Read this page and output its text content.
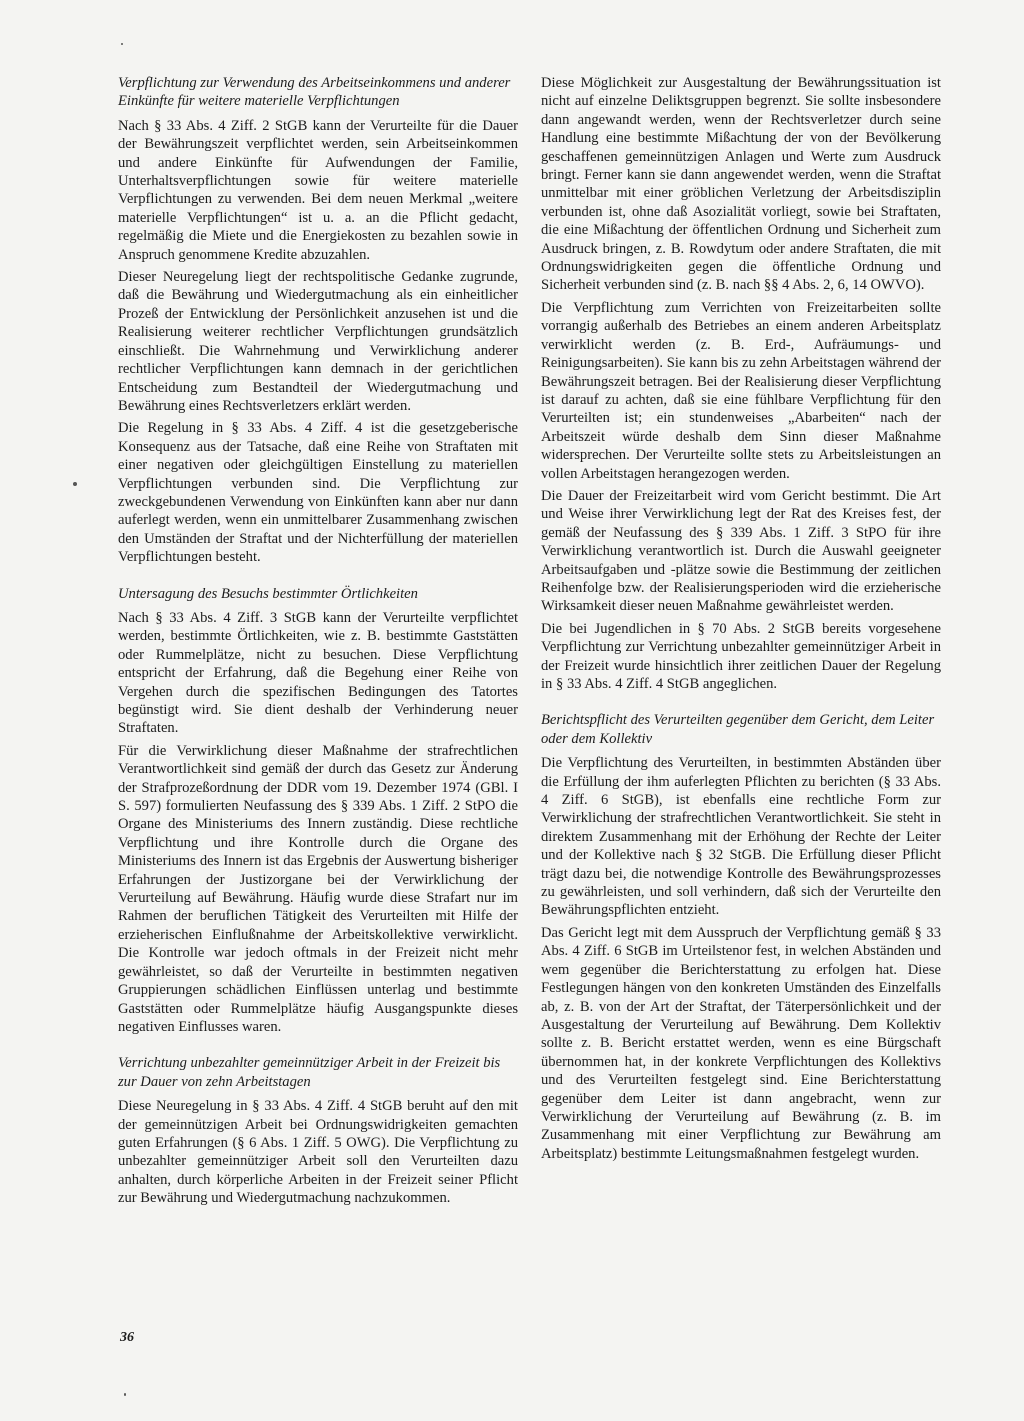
Verpflichtung zur Verwendung des Arbeitseinkommens und anderer Einkünfte für weitere materielle Verpflichtungen

Nach § 33 Abs. 4 Ziff. 2 StGB kann der Verurteilte für die Dauer der Bewährungszeit verpflichtet werden, sein Arbeitseinkommen und andere Einkünfte für Aufwendungen der Familie, Unterhaltsverpflichtungen sowie für weitere materielle Verpflichtungen zu verwenden. Bei dem neuen Merkmal „weitere materielle Verpflichtungen“ ist u. a. an die Pflicht gedacht, regelmäßig die Miete und die Energiekosten zu bezahlen sowie in Anspruch genommene Kredite abzuzahlen.

Dieser Neuregelung liegt der rechtspolitische Gedanke zugrunde, daß die Bewährung und Wiedergutmachung als ein einheitlicher Prozeß der Entwicklung der Persönlichkeit anzusehen ist und die Realisierung weiterer rechtlicher Verpflichtungen grundsätzlich einschließt. Die Wahrnehmung und Verwirklichung anderer rechtlicher Verpflichtungen kann demnach in der gerichtlichen Entscheidung zum Bestandteil der Wiedergutmachung und Bewährung eines Rechtsverletzers erklärt werden.

Die Regelung in § 33 Abs. 4 Ziff. 4 ist die gesetzgeberische Konsequenz aus der Tatsache, daß eine Reihe von Straftaten mit einer negativen oder gleichgültigen Einstellung zu materiellen Verpflichtungen verbunden sind. Die Verpflichtung zur zweckgebundenen Verwendung von Einkünften kann aber nur dann auferlegt werden, wenn ein unmittelbarer Zusammenhang zwischen den Umständen der Straftat und der Nichterfüllung der materiellen Verpflichtungen besteht.

Untersagung des Besuchs bestimmter Örtlichkeiten

Nach § 33 Abs. 4 Ziff. 3 StGB kann der Verurteilte verpflichtet werden, bestimmte Örtlichkeiten, wie z. B. bestimmte Gaststätten oder Rummelplätze, nicht zu besuchen. Diese Verpflichtung entspricht der Erfahrung, daß die Begehung einer Reihe von Vergehen durch die spezifischen Bedingungen des Tatortes begünstigt wird. Sie dient deshalb der Verhinderung neuer Straftaten.

Für die Verwirklichung dieser Maßnahme der strafrechtlichen Verantwortlichkeit sind gemäß der durch das Gesetz zur Änderung der Strafprozeßordnung der DDR vom 19. Dezember 1974 (GBl. I S. 597) formulierten Neufassung des § 339 Abs. 1 Ziff. 2 StPO die Organe des Ministeriums des Innern zuständig. Diese rechtliche Verpflichtung und ihre Kontrolle durch die Organe des Ministeriums des Innern ist das Ergebnis der Auswertung bisheriger Erfahrungen der Justizorgane bei der Verwirklichung der Verurteilung auf Bewährung. Häufig wurde diese Strafart nur im Rahmen der beruflichen Tätigkeit des Verurteilten mit Hilfe der erzieherischen Einflußnahme der Arbeitskollektive verwirklicht. Die Kontrolle war jedoch oftmals in der Freizeit nicht mehr gewährleistet, so daß der Verurteilte in bestimmten negativen Gruppierungen schädlichen Einflüssen unterlag und bestimmte Gaststätten oder Rummelplätze häufig Ausgangspunkte dieses negativen Einflusses waren.

Verrichtung unbezahlter gemeinnütziger Arbeit in der Freizeit bis zur Dauer von zehn Arbeitstagen

Diese Neuregelung in § 33 Abs. 4 Ziff. 4 StGB beruht auf den mit der gemeinnützigen Arbeit bei Ordnungswidrigkeiten gemachten guten Erfahrungen (§ 6 Abs. 1 Ziff. 5 OWG). Die Verpflichtung zu unbezahlter gemeinnütziger Arbeit soll den Verurteilten dazu anhalten, durch körperliche Arbeiten in der Freizeit seiner Pflicht zur Bewährung und Wiedergutmachung nachzukommen.

Diese Möglichkeit zur Ausgestaltung der Bewährungssituation ist nicht auf einzelne Deliktsgruppen begrenzt. Sie sollte insbesondere dann angewandt werden, wenn der Rechtsverletzer durch seine Handlung eine bestimmte Mißachtung der von der Bevölkerung geschaffenen gemeinnützigen Anlagen und Werte zum Ausdruck bringt. Ferner kann sie dann angewendet werden, wenn die Straftat unmittelbar mit einer gröblichen Verletzung der Arbeitsdisziplin verbunden ist, ohne daß Asozialität vorliegt, sowie bei Straftaten, die eine Mißachtung der öffentlichen Ordnung und Sicherheit zum Ausdruck bringen, z. B. Rowdytum oder andere Straftaten, die mit Ordnungswidrigkeiten gegen die öffentliche Ordnung und Sicherheit verbunden sind (z. B. nach §§ 4 Abs. 2, 6, 14 OWVO).

Die Verpflichtung zum Verrichten von Freizeitarbeiten sollte vorrangig außerhalb des Betriebes an einem anderen Arbeitsplatz verwirklicht werden (z. B. Erd-, Aufräumungs- und Reinigungsarbeiten). Sie kann bis zu zehn Arbeitstagen während der Bewährungszeit betragen. Bei der Realisierung dieser Verpflichtung ist darauf zu achten, daß sie eine fühlbare Verpflichtung für den Verurteilten ist; ein stundenweises „Abarbeiten“ nach der Arbeitszeit würde deshalb dem Sinn dieser Maßnahme widersprechen. Der Verurteilte sollte stets zu Arbeitsleistungen an vollen Arbeitstagen herangezogen werden.

Die Dauer der Freizeitarbeit wird vom Gericht bestimmt. Die Art und Weise ihrer Verwirklichung legt der Rat des Kreises fest, der gemäß der Neufassung des § 339 Abs. 1 Ziff. 3 StPO für ihre Verwirklichung verantwortlich ist. Durch die Auswahl geeigneter Arbeitsaufgaben und -plätze sowie die Bestimmung der zeitlichen Reihenfolge bzw. der Realisierungsperioden wird die erzieherische Wirksamkeit dieser neuen Maßnahme gewährleistet werden.

Die bei Jugendlichen in § 70 Abs. 2 StGB bereits vorgesehene Verpflichtung zur Verrichtung unbezahlter gemeinnütziger Arbeit in der Freizeit wurde hinsichtlich ihrer zeitlichen Dauer der Regelung in § 33 Abs. 4 Ziff. 4 StGB angeglichen.

Berichtspflicht des Verurteilten gegenüber dem Gericht, dem Leiter oder dem Kollektiv

Die Verpflichtung des Verurteilten, in bestimmten Abständen über die Erfüllung der ihm auferlegten Pflichten zu berichten (§ 33 Abs. 4 Ziff. 6 StGB), ist ebenfalls eine rechtliche Form zur Verwirklichung der strafrechtlichen Verantwortlichkeit. Sie steht in direktem Zusammenhang mit der Erhöhung der Rechte der Leiter und der Kollektive nach § 32 StGB. Die Erfüllung dieser Pflicht trägt dazu bei, die notwendige Kontrolle des Bewährungsprozesses zu gewährleisten, und soll verhindern, daß sich der Verurteilte den Bewährungspflichten entzieht.

Das Gericht legt mit dem Ausspruch der Verpflichtung gemäß § 33 Abs. 4 Ziff. 6 StGB im Urteilstenor fest, in welchen Abständen und wem gegenüber die Berichterstattung zu erfolgen hat. Diese Festlegungen hängen von den konkreten Umständen des Einzelfalls ab, z. B. von der Art der Straftat, der Täterpersönlichkeit und der Ausgestaltung der Verurteilung auf Bewährung. Dem Kollektiv sollte z. B. Bericht erstattet werden, wenn es eine Bürgschaft übernommen hat, in der konkrete Verpflichtungen des Kollektivs und des Verurteilten festgelegt sind. Eine Berichterstattung gegenüber dem Leiter ist dann angebracht, wenn zur Verwirklichung der Verurteilung auf Bewährung (z. B. im Zusammenhang mit einer Verpflichtung zur Bewährung am Arbeitsplatz) bestimmte Leitungsmaßnahmen festgelegt wurden.

36
